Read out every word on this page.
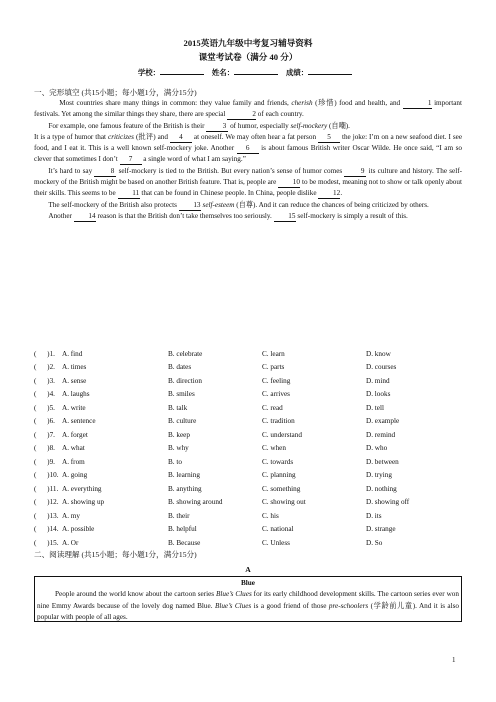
2015英语九年级中考复习辅导资料
课堂考试卷（满分 40 分）
学校：	姓名：	成绩：
一、完形填空 (共15小题；每小题1分，满分15分)

Most countries share many things in common: they value family and friends, cherish (珍惜) food and health, and	1 important festivals. Yet among the similar things they share, there are special	2 of each country.

For example, one famous feature of the British is their 3 of humor, especially self-mockery (自嘲).

It is a type of humor that criticizes (批评) and 4 at oneself. We may often hear a fat person 5 the joke: I’m on a new seafood diet. I see food, and I eat it. This is a well known self-mockery joke. Another 6 is about famous British writer Oscar Wilde. He once said, “I am so clever that sometimes I don’t 7 a single word of what I am saying.”

It’s hard to say 8 self-mockery is tied to the British. But every nation’s sense of humor comes 9 its culture and history. The self-mockery of the British might be based on another British feature. That is, people are 10 to be modest, meaning not to show or talk openly about their skills. This seems to be 11 that can be found in Chinese people. In China, people dislike 12.

The self-mockery of the British also protects 13 self-esteem (自尊). And it can reduce the chances of being criticized by others.

Another 14 reason is that the British don’t take themselves too seriously. 15 self-mockery is simply a result of this.

(      )1. A. find	B. celebrate	C. learn	D. know
(      )2. A. times	B. dates	C. parts	D. courses
(      )3. A. sense	B. direction	C. feeling	D. mind
(      )4. A. laughs	B. smiles	C. arrives	D. looks
(      )5. A. write	B. talk	C. read	D. tell
(      )6. A. sentence	B. culture	C. tradition	D. example
(      )7. A. forget	B. keep	C. understand	D. remind
(      )8. A. what	B. why	C. when	D. who
(      )9. A. from	B. to	C. towards	D. between
(      )10. A. going	B. learning	C. planning	D. trying
(      )11. A. everything	B. anything	C. something	D. nothing
(      )12. A. showing up	B. showing around	C. showing out	D. showing off
(      )13. A. my	B. their	C. his	D. its
(      )14. A. possible	B. helpful	C. national	D. strange
(      )15. A. Or	B. Because	C. Unless	D. So
二、阅读理解 (共15小题；每小题1分，满分15分)
A
Blue

People around the world know about the cartoon series Blue’s Clues for its early childhood development skills. The cartoon series ever won nine Emmy Awards because of the lovely dog named Blue. Blue’s Clues is a good friend of those pre-schoolers (学龄前儿童). And it is also popular with people of all ages.

1
